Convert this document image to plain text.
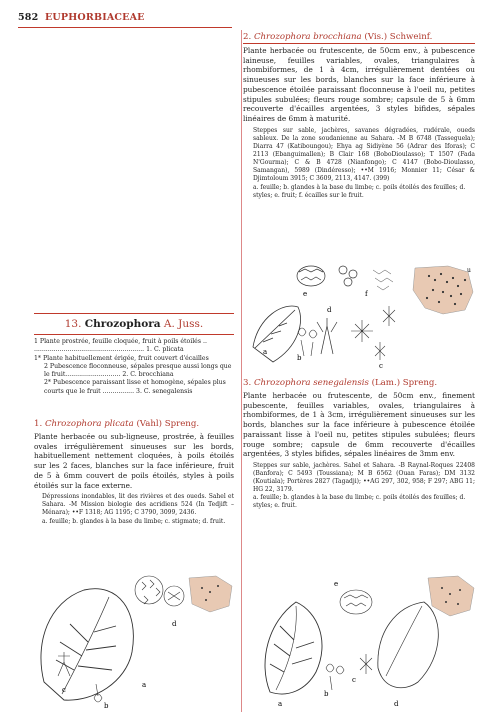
582 EUPHORBIACEAE
2. Chrozophora brocchiana (Vis.) Schweinf.
Plante herbacée ou frutescente, de 50cm env., à pubescence laineuse, feuilles variables, ovales, triangulaires à rhombiformes, de 1 à 4cm, irrégulièrement dentées ou sinueuses sur les bords, blanches sur la face inférieure à pubescence étoilée paraissant floconneuse à l'oeil nu, petites stipules subulées; fleurs rouge sombre; capsule de 5 à 6mm recouverte d'écailles argentées, 3 styles bifides, sépales linéaires de 6mm à maturité.
Steppes sur sable, jachères, savanes dégradées, rudérale, oueds sableux. De la zone soudanienne au Sahara. -M B 6748 (Tasseguela); Diarra 47 (Katiboungou); Ehya ag Sidiyène 56 (Adrar des Iforas); C 2113 (Ebanguimallen); B Clair 168 (BoboDioulasso); T 1507 (Fada N'Gourma); C & B 4728 (Nianfongo); C 4147 (Bobo-Dioulasso, Samangan), 5989 (Dindéresso); ••M 1916; Monnier 11; César & Djimtoloum 3915; C 3609, 2113, 4147. (399)
a. feuille; b. glandes à la base du limbe; c. poils étoilés des feuilles; d. styles; e. fruit; f. écailles sur le fruit.
u
e	f
a
b
d
c
13. Chrozophora A. Juss.
1 Plante prostrée, feuille cloquée, fruit à poils étoilés ..
........................................................ 1. C. plicata
1* Plante habituellement érigée, fruit couvert d'écailles
2 Pubescence floconneuse, sépales presque aussi longs que le fruit............................ 2. C. brocchiana
2* Pubescence paraissant lisse et homogène, sépales plus courts que le fruit ................ 3. C. senegalensis
1. Chrozophora plicata (Vahl) Spreng.
Plante herbacée ou sub-ligneuse, prostrée, à feuilles ovales irrégulièrement sinueuses sur les bords, habituellement nettement cloquées, à poils étoilés sur les 2 faces, blanches sur la face inférieure, fruit de 5 à 6mm couvert de poils étoilés, styles à poils étoilés sur la face externe.
Dépressions inondables, lit des rivières et des oueds. Sahel et Sahara. -M Mission biologie des acridiens 524 (In Tedjift – Ménara); ••F 1318; AG 1195; C 3790, 3099, 2436.
a. feuille; b. glandes à la base du limbe; c. stigmate; d. fruit.
a
d
c
b
3. Chrozophora senegalensis (Lam.) Spreng.
Plante herbacée ou frutescente, de 50cm env., finement pubescente, feuilles variables, ovales, triangulaires à rhombiformes, de 1 à 3cm, irrégulièrement sinueuses sur les bords, blanches sur la face inférieure à pubescence étoilée paraissant lisse à l'oeil nu, petites stipules subulées; fleurs rouge sombre; capsule de 6mm recouverte d'écailles argentées, 3 styles bifides, sépales linéaires de 3mm env.
Steppes sur sable, jachères. Sahel et Sahara. -B Raynal-Roques 22408 (Banfora); C 5493 (Toussiana); M B 6562 (Ouan Faras); DM 3132 (Koutiala); Portères 2827 (Tagadji); ••AG 297, 302, 958; F 297; ABG 11; HG 22, 3179.
a. feuille; b. glandes à la base du limbe; c. poils étoilés des feuilles; d. styles; e. fruit.
a
e
b
c
d
